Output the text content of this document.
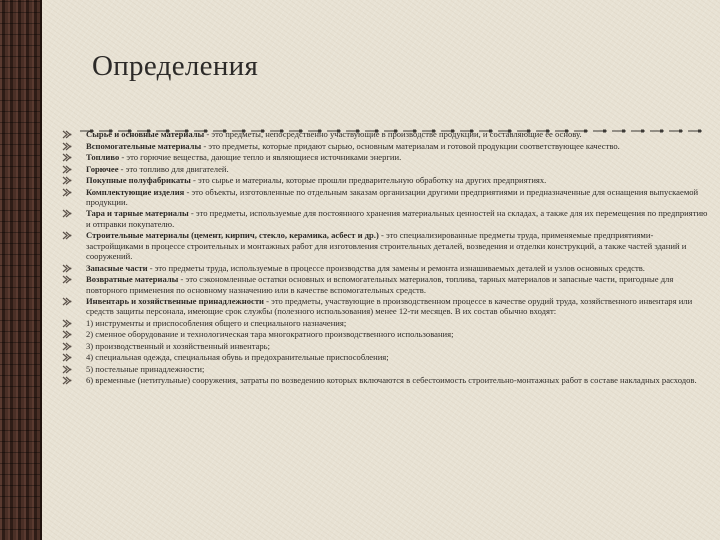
Определения
Сырье и основные материалы - это предметы, непосредственно участвующие в производстве продукции, и составляющие ее основу.
Вспомогательные материалы - это предметы, которые придают сырью, основным материалам и готовой продукции соответствующее качество.
Топливо - это горючие вещества, дающие тепло и являющиеся источниками энергии.
Горючее - это топливо для двигателей.
Покупные полуфабрикаты - это сырье и материалы, которые прошли предварительную обработку на других предприятиях.
Комплектующие изделия - это объекты, изготовленные по отдельным заказам организации другими предприятиями и предназначенные для оснащения выпускаемой продукции.
Тара и тарные материалы - это предметы, используемые для постоянного хранения материальных ценностей на складах, а также для их перемещения по предприятию и отправки покупателю.
Строительные материалы (цемент, кирпич, стекло, керамика, асбест и др.) - это специализированные предметы труда, применяемые предприятиями-застройщиками в процессе строительных и монтажных работ для изготовления строительных деталей, возведения и отделки конструкций, а также частей зданий и сооружений.
Запасные части - это предметы труда, используемые в процессе производства для замены и ремонта изнашиваемых деталей и узлов основных средств.
Возвратные материалы - это сэкономленные остатки основных и вспомогательных материалов, топлива, тарных материалов и запасные части, пригодные для повторного применения по основному назначению или в качестве вспомогательных средств.
Инвентарь и хозяйственные принадлежности - это предметы, участвующие в производственном процессе в качестве орудий труда, хозяйственного инвентаря или средств защиты персонала, имеющие срок службы (полезного использования) менее 12-ти месяцев. В их состав обычно входят:
1) инструменты и приспособления общего и специального назначения;
2) сменное оборудование и технологическая тара многократного производственного использования;
3) производственный и хозяйственный инвентарь;
4) специальная одежда, специальная обувь и предохранительные приспособления;
5) постельные принадлежности;
6) временные (нетитульные) сооружения, затраты по возведению которых включаются в себестоимость строительно-монтажных работ в составе накладных расходов.
